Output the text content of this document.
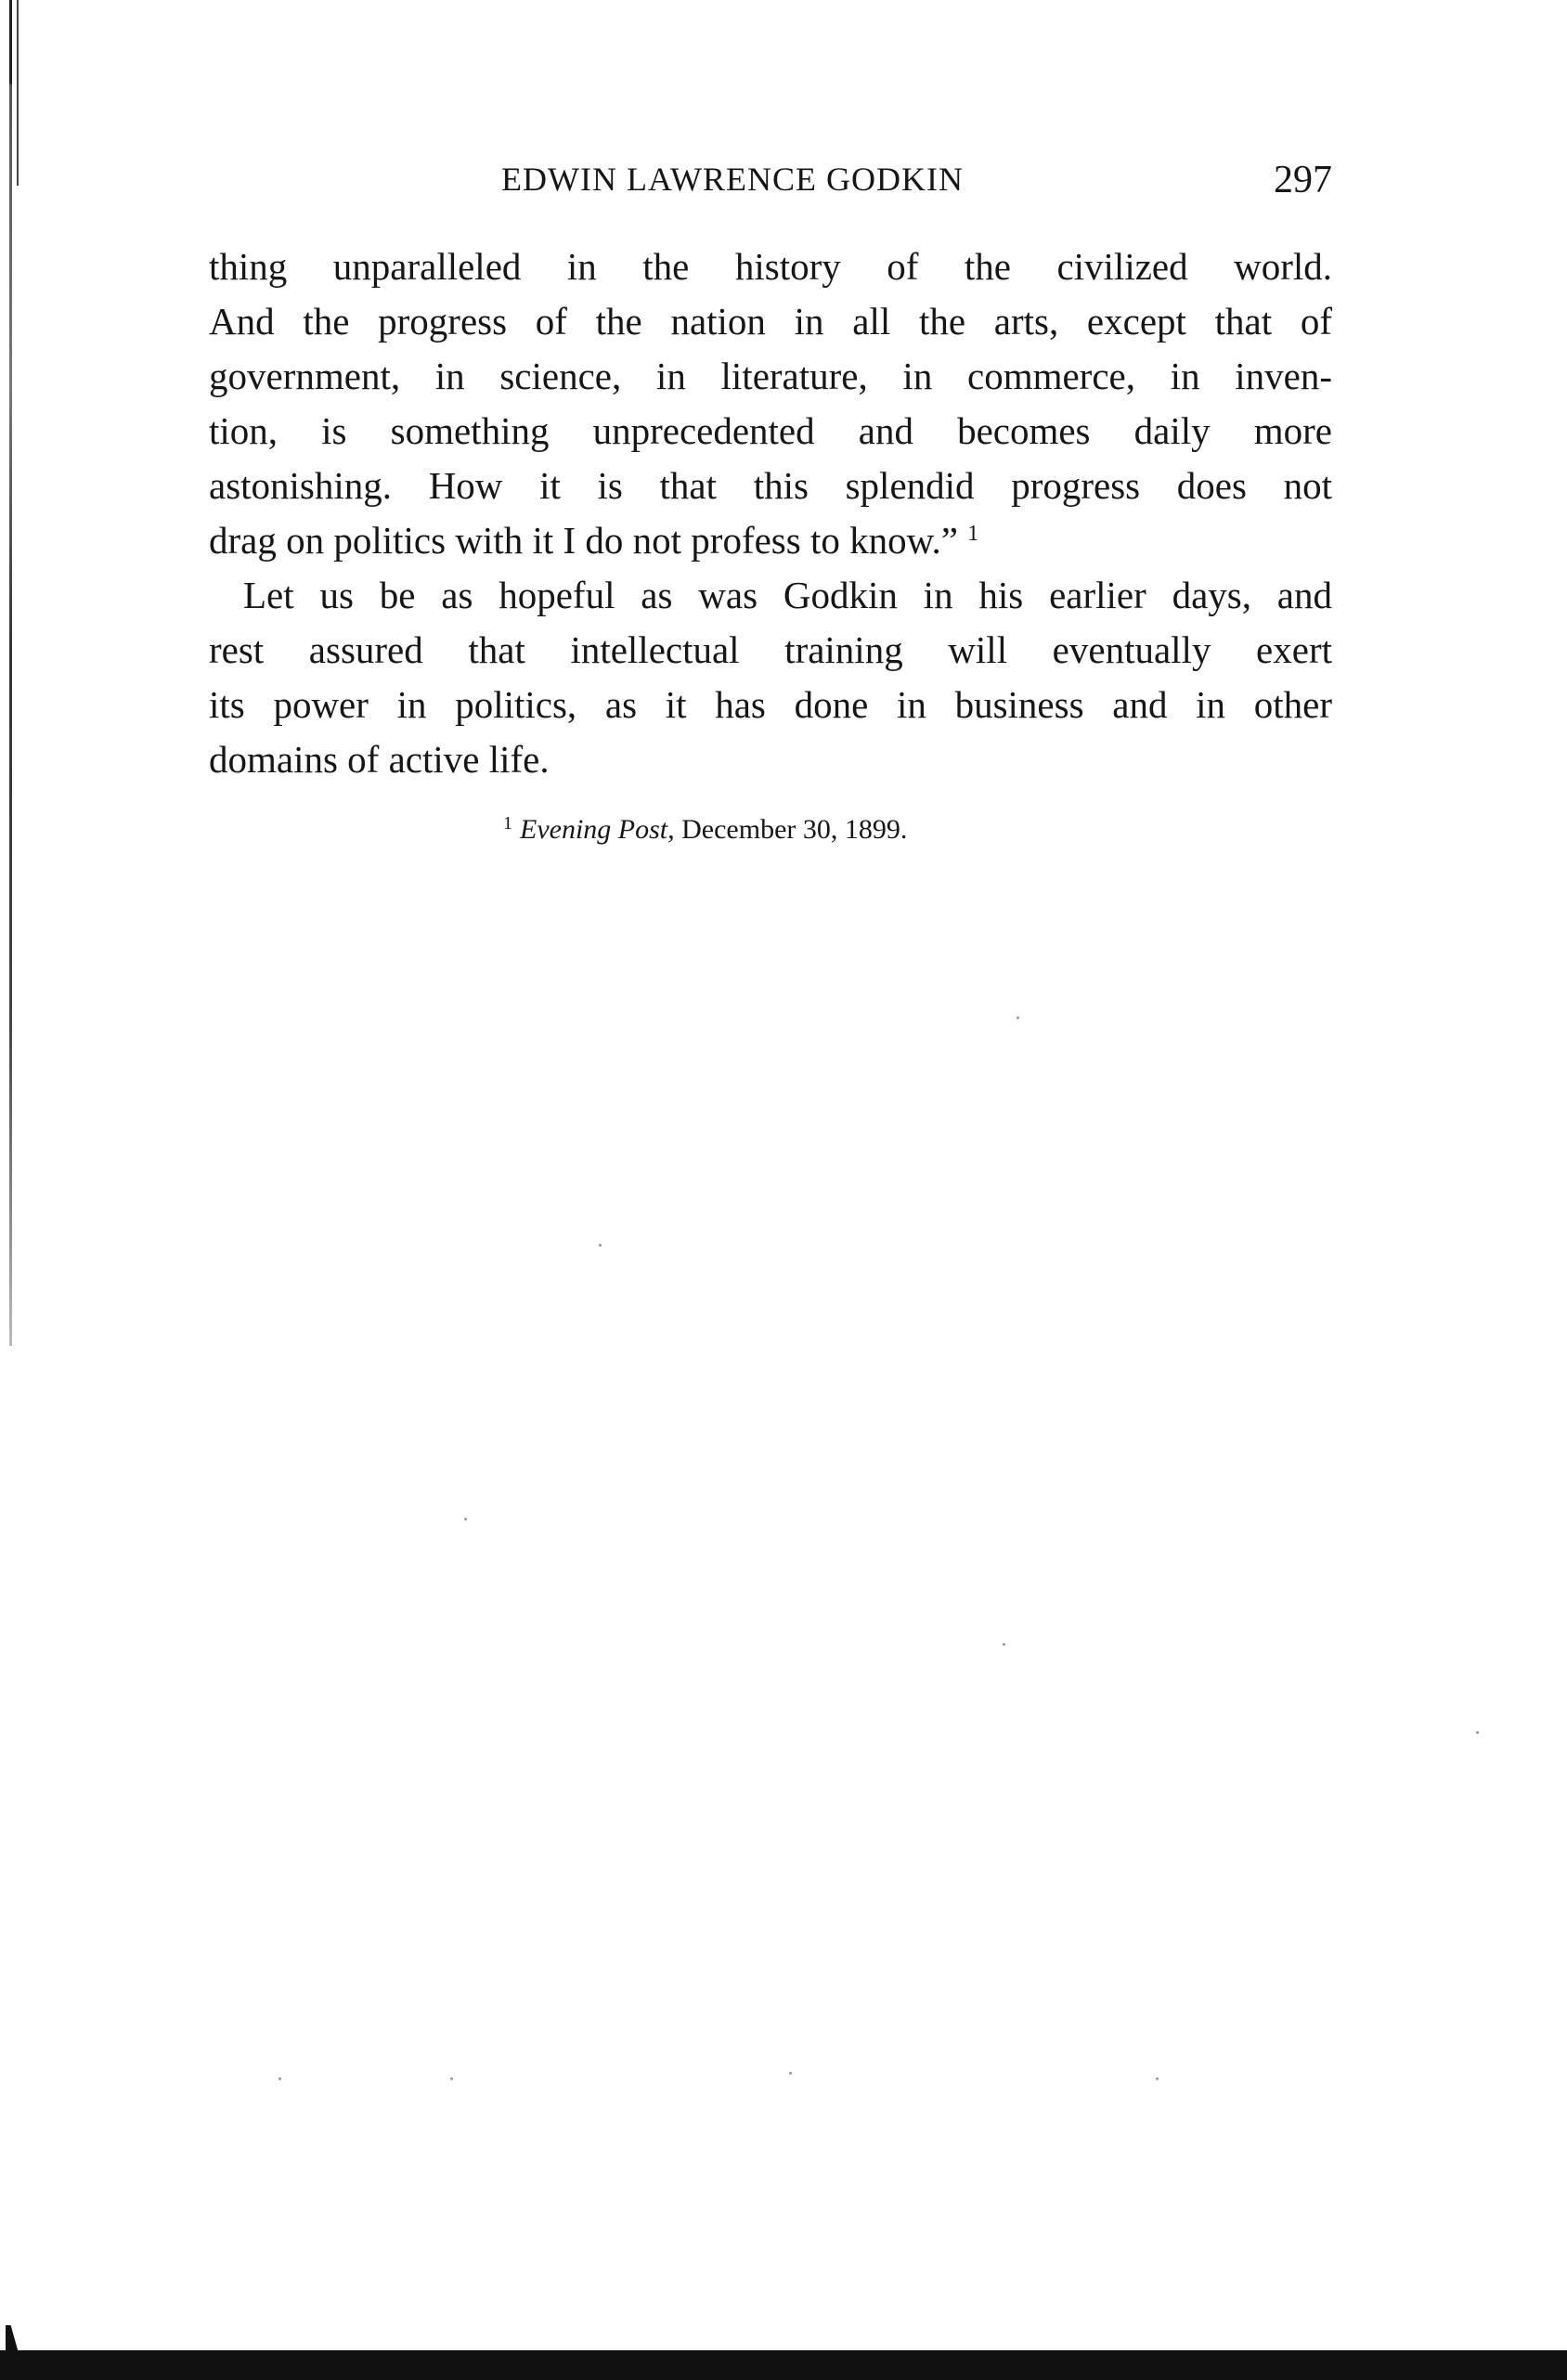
EDWIN LAWRENCE GODKIN	297
thing unparalleled in the history of the civilized world.
And the progress of the nation in all the arts, except that of
government, in science, in literature, in commerce, in inven-
tion, is something unprecedented and becomes daily more
astonishing. How it is that this splendid progress does not
drag on politics with it I do not profess to know.” $^1$
Let us be as hopeful as was Godkin in his earlier days, and
rest assured that intellectual training will eventually exert
its power in politics, as it has done in business and in other
domains of active life.
$^1$ Evening Post, December 30, 1899.
